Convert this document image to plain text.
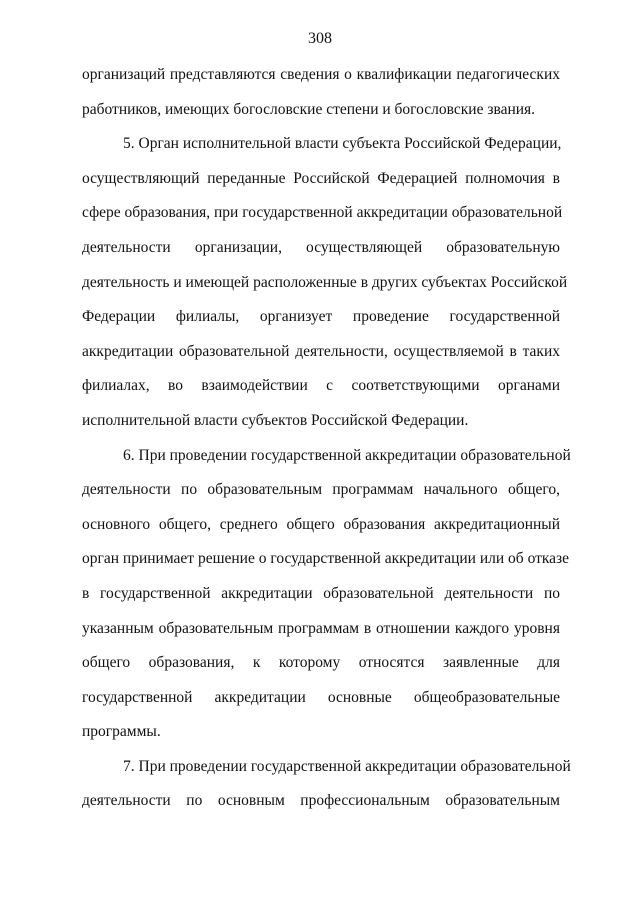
308
организаций представляются сведения о квалификации педагогических
работников, имеющих богословские степени и богословские звания.
5. Орган исполнительной власти субъекта Российской Федерации,
осуществляющий переданные Российской Федерацией полномочия в
сфере образования, при государственной аккредитации образовательной
деятельности организации, осуществляющей образовательную
деятельность и имеющей расположенные в других субъектах Российской
Федерации филиалы, организует проведение государственной
аккредитации образовательной деятельности, осуществляемой в таких
филиалах, во взаимодействии с соответствующими органами
исполнительной власти субъектов Российской Федерации.
6. При проведении государственной аккредитации образовательной
деятельности по образовательным программам начального общего,
основного общего, среднего общего образования аккредитационный
орган принимает решение о государственной аккредитации или об отказе
в государственной аккредитации образовательной деятельности по
указанным образовательным программам в отношении каждого уровня
общего образования, к которому относятся заявленные для
государственной аккредитации основные общеобразовательные
программы.
7. При проведении государственной аккредитации образовательной
деятельности по основным профессиональным образовательным
